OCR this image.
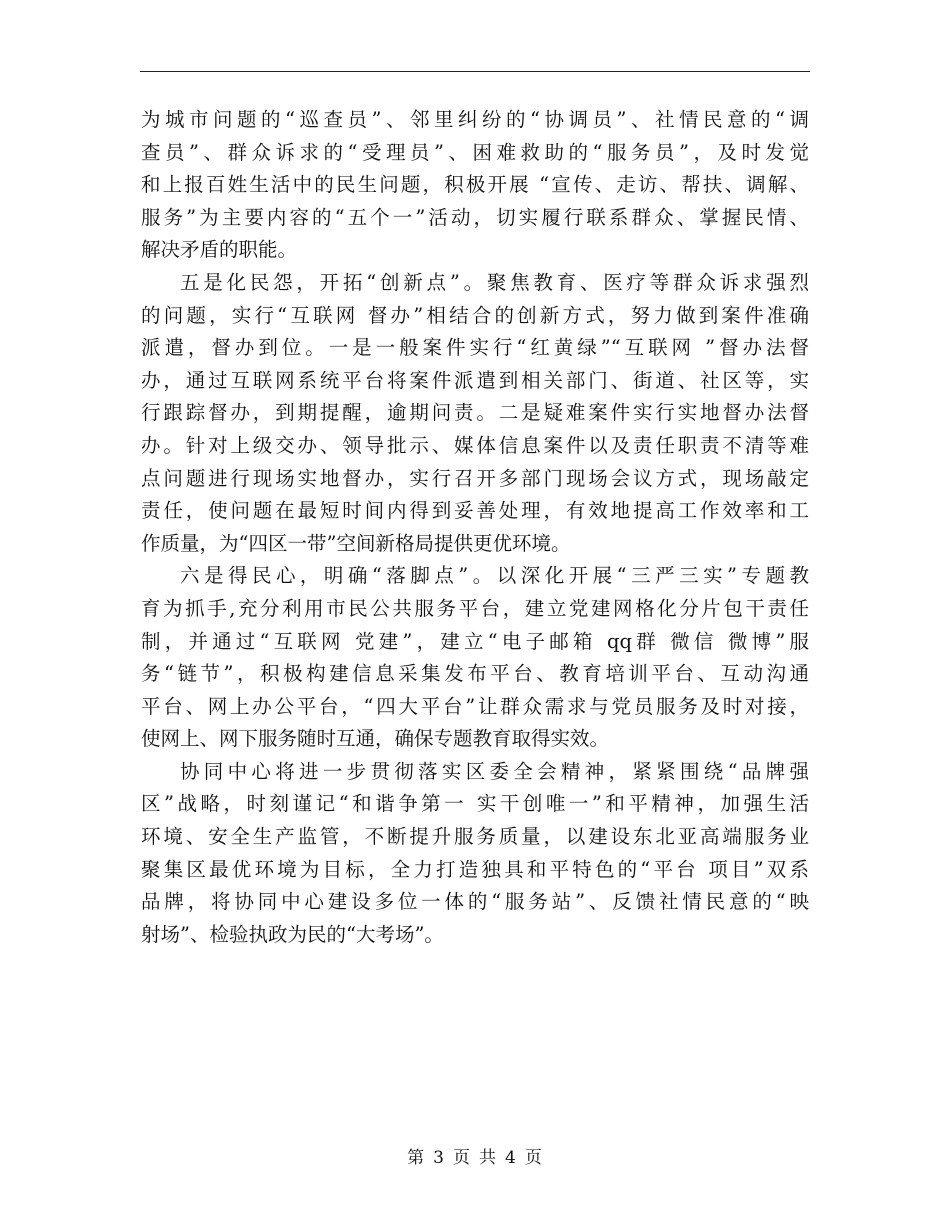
为城市问题的“巡查员”、邻里纠纷的“协调员”、社情民意的“调
查员”、群众诉求的“受理员”、困难救助的“服务员”，及时发觉
和上报百姓生活中的民生问题，积极开展 “宣传、走访、帮扶、调解、
服务”为主要内容的“五个一”活动，切实履行联系群众、掌握民情、
解决矛盾的职能。
五是化民怨，开拓“创新点”。聚焦教育、医疗等群众诉求强烈
的问题，实行“互联网 督办”相结合的创新方式，努力做到案件准确
派遣，督办到位。一是一般案件实行“红黄绿”“互联网 ”督办法督
办，通过互联网系统平台将案件派遣到相关部门、街道、社区等，实
行跟踪督办，到期提醒，逾期问责。二是疑难案件实行实地督办法督
办。针对上级交办、领导批示、媒体信息案件以及责任职责不清等难
点问题进行现场实地督办，实行召开多部门现场会议方式，现场敲定
责任，使问题在最短时间内得到妥善处理，有效地提高工作效率和工
作质量，为“四区一带”空间新格局提供更优环境。
六是得民心，明确“落脚点”。以深化开展“三严三实”专题教
育为抓手,充分利用市民公共服务平台，建立党建网格化分片包干责任
制，并通过“互联网 党建”，建立“电子邮箱 qq群 微信 微博”服
务“链节”，积极构建信息采集发布平台、教育培训平台、互动沟通
平台、网上办公平台，“四大平台”让群众需求与党员服务及时对接，
使网上、网下服务随时互通，确保专题教育取得实效。
协同中心将进一步贯彻落实区委全会精神，紧紧围绕“品牌强
区”战略，时刻谨记“和谐争第一 实干创唯一”和平精神，加强生活
环境、安全生产监管，不断提升服务质量，以建设东北亚高端服务业
聚集区最优环境为目标，全力打造独具和平特色的“平台 项目”双系
品牌，将协同中心建设多位一体的“服务站”、反馈社情民意的“映
射场”、检验执政为民的“大考场”。
第 3 页 共 4 页
